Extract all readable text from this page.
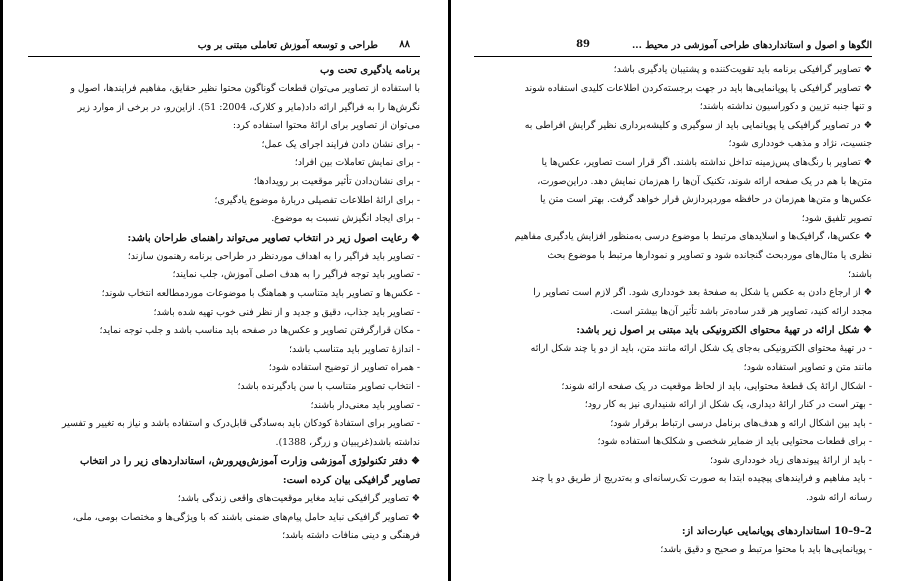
۸۸
طراحی و توسعه آموزش تعاملی مبتنی بر وب
برنامه یادگیری تحت وب
با استفاده از تصاویر می‌توان قطعات گوناگون محتوا نظیر حقایق، مفاهیم فرایندها، اصول و
نگرش‌ها را به فراگیر ارائه داد(مایر و کلارک، 2004: 51). ازاین‌رو، در برخی از موارد زیر
می‌توان از تصاویر برای ارائهٔ محتوا استفاده کرد:
- برای نشان دادن فرایند اجرای یک عمل؛
- برای نمایش تعاملات بین افراد؛
- برای نشان‌دادن تأثیر موقعیت بر رویدادها؛
- برای ارائهٔ اطلاعات تفصیلی دربارهٔ موضوع یادگیری؛
- برای ایجاد انگیزش نسبت به موضوع.
❖ رعایت اصول زیر در انتخاب تصاویر می‌تواند راهنمای طراحان باشد:
- تصاویر باید فراگیر را به اهداف موردنظر در طراحی برنامه رهنمون سازند؛
- تصاویر باید توجه فراگیر را به هدف اصلی آموزش، جلب نمایند؛
- عکس‌ها و تصاویر باید متناسب و هماهنگ با موضوعات موردمطالعه انتخاب شوند؛
- تصاویر باید جذاب، دقیق و جدید و از نظر فنی خوب تهیه شده باشد؛
- مکان قرارگرفتن تصاویر و عکس‌ها در صفحه باید مناسب باشد و جلب توجه نماید؛
- اندازهٔ تصاویر باید متناسب باشد؛
- همراه تصاویر از توضیح استفاده شود؛
- انتخاب تصاویر متناسب با سن یادگیرنده باشد؛
- تصاویر باید معنی‌دار باشند؛
- تصاویر برای استفادهٔ کودکان باید به‌سادگی قابل‌درک و استفاده باشد و نیاز به تغییر و تفسیر
نداشته باشد(غریبیان و زرگر، 1388).
❖ دفتر تکنولوژی آموزشی وزارت آموزش‌وپرورش، استانداردهای زیر را در انتخاب
تصاویر گرافیکی بیان کرده است:
❖ تصاویر گرافیکی نباید مغایر موقعیت‌های واقعی زندگی باشد؛
❖ تصاویر گرافیکی نباید حامل پیام‌های ضمنی باشند که با ویژگی‌ها و مختصات بومی، ملی،
فرهنگی و دینی منافات داشته باشد؛
الگوها و اصول و استانداردهای طراحی آموزشی در محیط ...
89
❖ تصاویر گرافیکی برنامه باید تقویت‌کننده و پشتیبان یادگیری باشد؛
❖ تصاویر گرافیکی یا پویانمایی‌ها باید در جهت برجسته‌کردن اطلاعات کلیدی استفاده شوند
و تنها جنبه تزیین و دکوراسیون نداشته باشند؛
❖ در تصاویر گرافیکی یا پویانمایی باید از سوگیری و کلیشه‌برداری نظیر گرایش افراطی به
جنسیت، نژاد و مذهب خودداری شود؛
❖ تصاویر با رنگ‌های پس‌زمینه تداخل نداشته باشند. اگر قرار است تصاویر، عکس‌ها یا
متن‌ها با هم در یک صفحه ارائه شوند، تکنیک آن‌ها را هم‌زمان نمایش دهد. دراین‌صورت،
عکس‌ها و متن‌ها هم‌زمان در حافظه موردپردازش قرار خواهد گرفت. بهتر است متن یا
تصویر تلفیق شود؛
❖ عکس‌ها، گرافیک‌ها و اسلایدهای مرتبط با موضوع درسی به‌منظور افزایش یادگیری مفاهیم
نظری یا مثال‌های موردبحث گنجانده شود و تصاویر و نمودارها مرتبط با موضوع بحث
باشند؛
❖ از ارجاع دادن به عکس یا شکل به صفحهٔ بعد خودداری شود. اگر لازم است تصاویر را
مجدد ارائه کنید، تصاویر هر قدر ساده‌تر باشد تأثیر آن‌ها بیشتر است.
❖ شکل ارائه در تهیهٔ محتوای الکترونیکی باید مبتنی بر اصول زیر باشد:
- در تهیهٔ محتوای الکترونیکی به‌جای یک شکل ارائه مانند متن، باید از دو یا چند شکل ارائه
مانند متن و تصاویر استفاده شود؛
- اشکال ارائهٔ یک قطعهٔ محتوایی، باید از لحاظ موقعیت در یک صفحه ارائه شوند؛
- بهتر است در کنار ارائهٔ دیداری، یک شکل از ارائه شنیداری نیز به کار رود؛
- باید بین اشکال ارائه و هدف‌های برنامل درسی ارتباط برقرار شود؛
- برای قطعات محتوایی باید از ضمایر شخصی و شکلک‌ها استفاده شود؛
- باید از ارائهٔ پیوندهای زیاد خودداری شود؛
- باید مفاهیم و فرایندهای پیچیده ابتدا به صورت تک‌رسانه‌ای و به‌تدریج از طریق دو یا چند
رسانه ارائه شود.
2–9–10 استانداردهای پویانمایی عبارت‌اند از:
- پویانمایی‌ها باید با محتوا مرتبط و صحیح و دقیق باشد؛
